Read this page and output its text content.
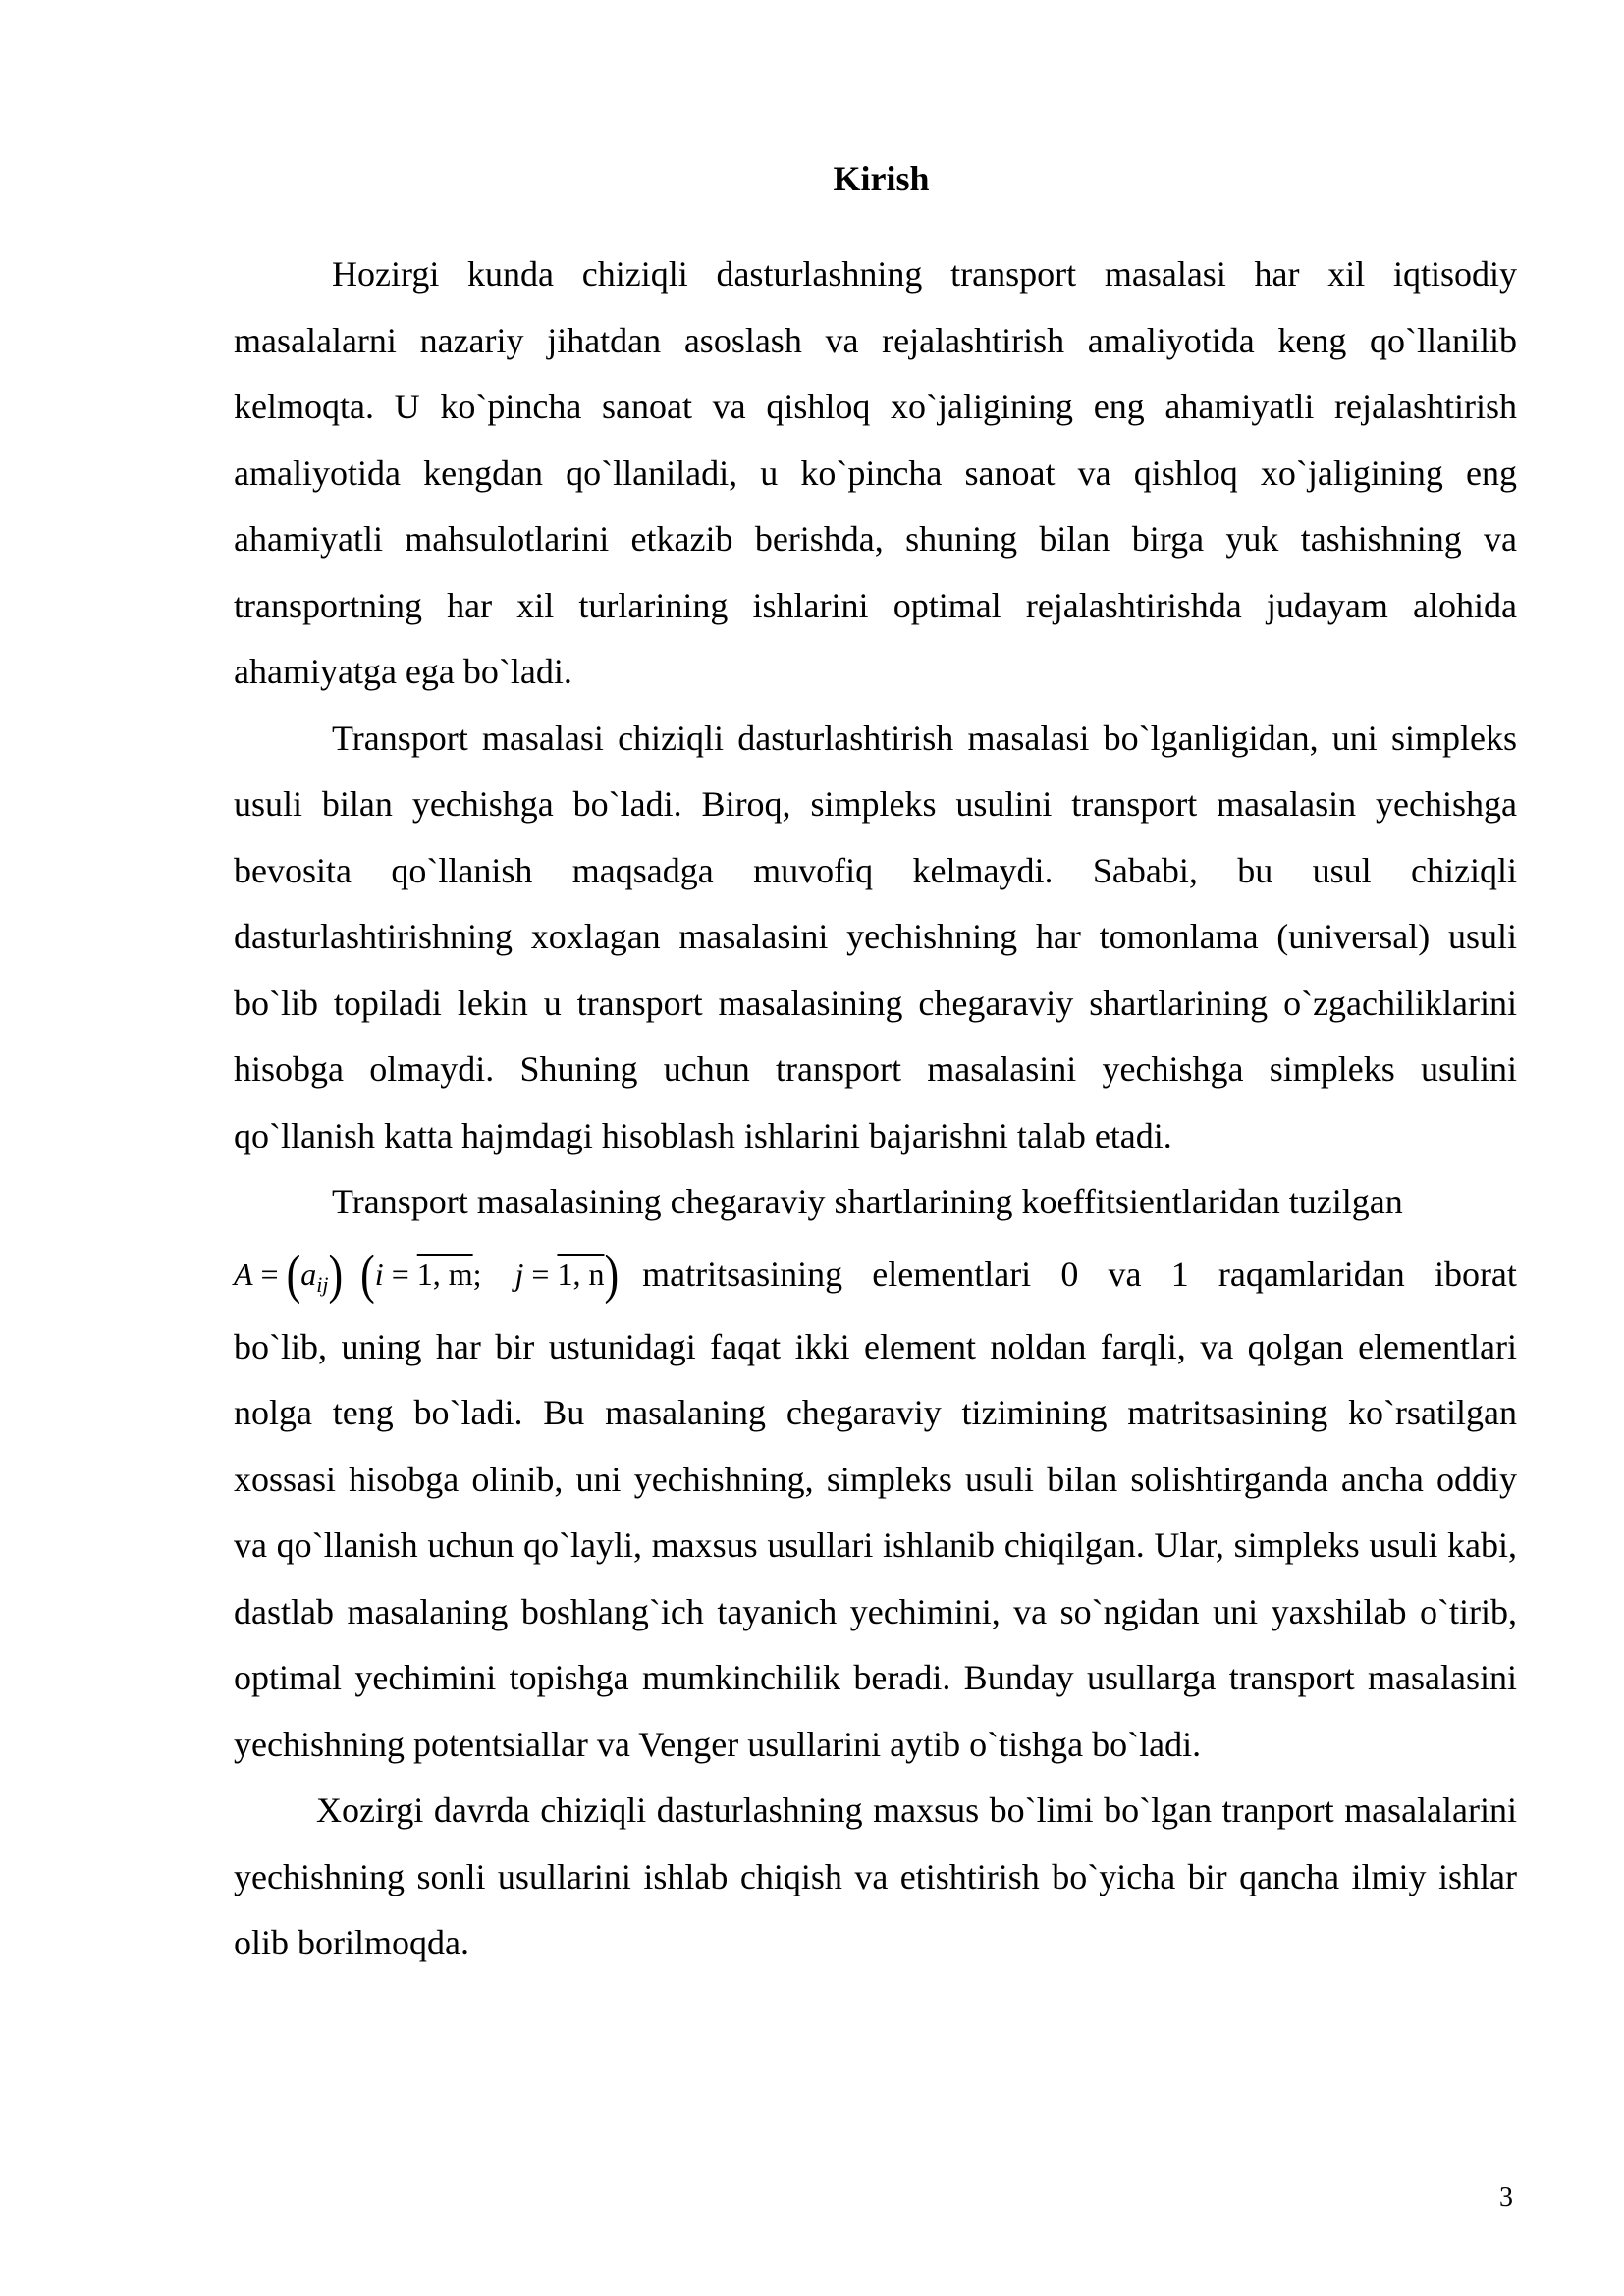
Kirish

Hozirgi kunda chiziqli dasturlashning transport masalasi har xil iqtisodiy masalalarni nazariy jihatdan asoslash va rejalashtirish amaliyotida keng qo`llanilib kelmoqta. U ko`pincha sanoat va qishloq xo`jaligining eng ahamiyatli rejalashtirish amaliyotida kengdan qo`llaniladi, u ko`pincha sanoat va qishloq xo`jaligining eng ahamiyatli mahsulotlarini etkazib berishda, shuning bilan birga yuk tashishning va transportning har xil turlarining ishlarini optimal rejalashtirishda judayam alohida ahamiyatga ega bo`ladi.

Transport masalasi chiziqli dasturlashtirish masalasi bo`lganligidan, uni simpleks usuli bilan yechishga bo`ladi. Biroq, simpleks usulini transport masalasin yechishga bevosita qo`llanish maqsadga muvofiq kelmaydi. Sababi, bu usul chiziqli dasturlashtirishning xoxlagan masalasini yechishning har tomonlama (universal) usuli bo`lib topiladi lekin u transport masalasining chegaraviy shartlarining o`zgachiliklarini hisobga olmaydi. Shuning uchun transport masalasini yechishga simpleks usulini qo`llanish katta hajmdagi hisoblash ishlarini bajarishni talab etadi.

Transport masalasining chegaraviy shartlarining koeffitsientlaridan tuzilgan

A = ( a ij ) ( i = 1, m ; j = 1, n ) matritsasining elementlari 0 va 1 raqamlaridan iborat

bo`lib, uning har bir ustunidagi faqat ikki element noldan farqli, va qolgan elementlari nolga teng bo`ladi. Bu masalaning chegaraviy tizimining matritsasining ko`rsatilgan xossasi hisobga olinib, uni yechishning, simpleks usuli bilan solishtirganda ancha oddiy va qo`llanish uchun qo`layli, maxsus usullari ishlanib chiqilgan. Ular, simpleks usuli kabi, dastlab masalaning boshlang`ich tayanich yechimini, va so`ngidan uni yaxshilab o`tirib, optimal yechimini topishga mumkinchilik beradi. Bunday usullarga transport masalasini yechishning potentsiallar va Venger usullarini aytib o`tishga bo`ladi.

Xozirgi davrda chiziqli dasturlashning maxsus bo`limi bo`lgan tranport masalalarini yechishning sonli usullarini ishlab chiqish va etishtirish bo`yicha bir qancha ilmiy ishlar olib borilmoqda.

3
